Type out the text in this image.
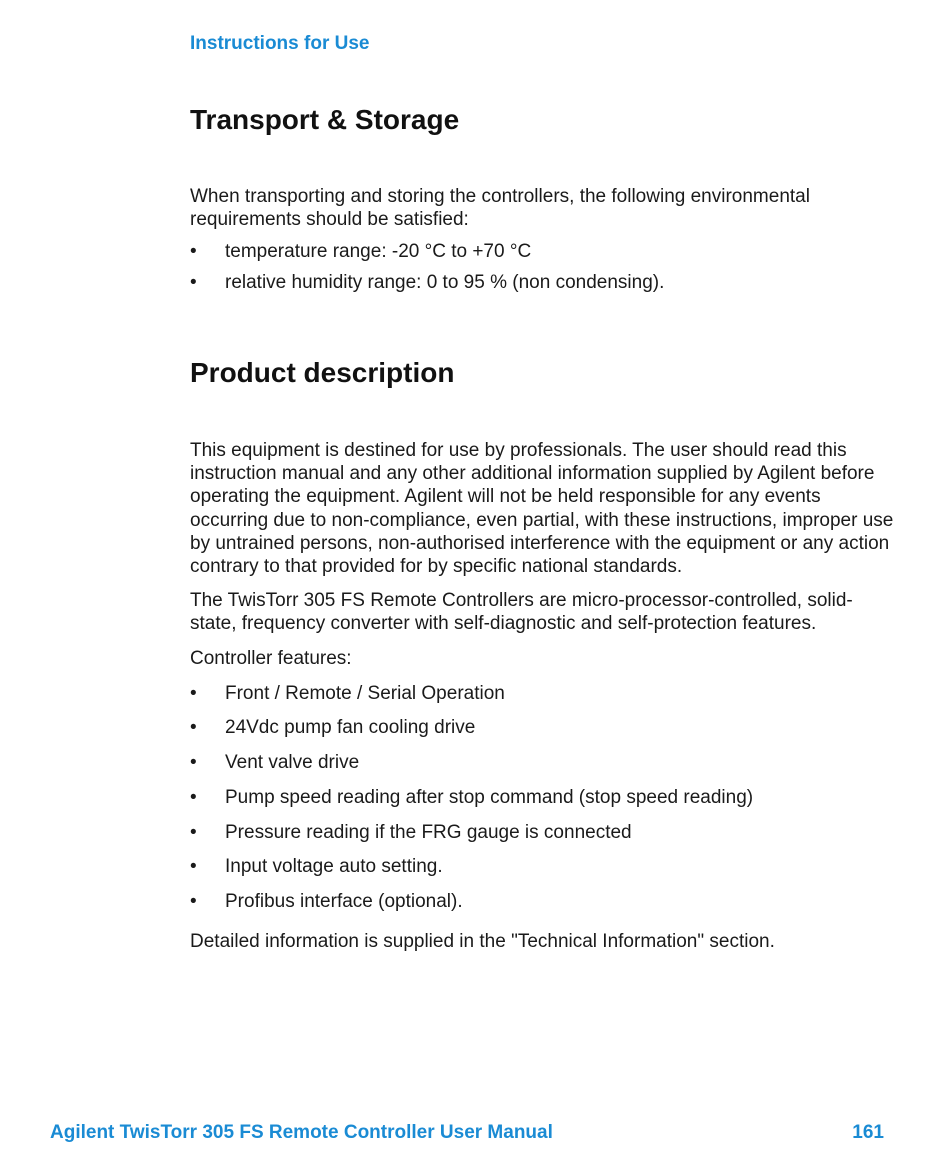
Instructions for Use
Transport & Storage
When transporting and storing the controllers, the following environmental
requirements should be satisfied:
• temperature range: -20 °C to +70 °C
• relative humidity range: 0 to 95 % (non condensing).
Product description
This equipment is destined for use by professionals. The user should read this
instruction manual and any other additional information supplied by Agilent before
operating the equipment. Agilent will not be held responsible for any events
occurring due to non-compliance, even partial, with these instructions, improper use
by untrained persons, non-authorised interference with the equipment or any action
contrary to that provided for by specific national standards.
The TwisTorr 305 FS Remote Controllers are micro-processor-controlled, solid-
state, frequency converter with self-diagnostic and self-protection features.
Controller features:
• Front / Remote / Serial Operation
• 24Vdc pump fan cooling drive
• Vent valve drive
• Pump speed reading after stop command (stop speed reading)
• Pressure reading if the FRG gauge is connected
• Input voltage auto setting.
• Profibus interface (optional).
Detailed information is supplied in the "Technical Information" section.
Agilent TwisTorr 305 FS Remote Controller User Manual	161
